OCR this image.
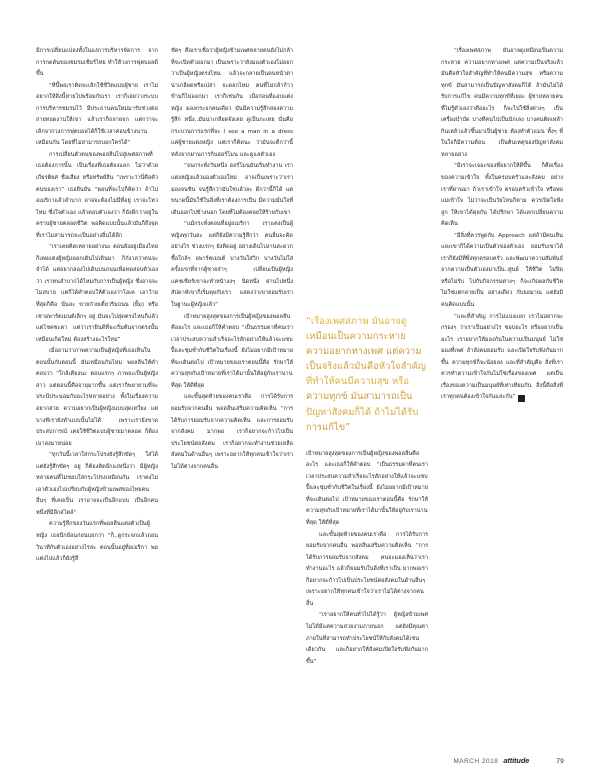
มีการเปลี่ยนแปลงทั้งในแง่การบริหารจัดการ จากการกดดันของชมรมเชียร์ไทย ทำให้วงการฟุตบอลดีขึ้น

“ทีนี้พอเราคิดจะเลิกใช้ชีวิตแบบผู้ชาย เราไม่อยากให้สิ่งนี้หายไปพร้อมกับเรา เราก็เลยวางระบบการบริหารชมรมไว้ มีประธานคนใหม่มารับช่วงต่อ ถ่ายทอดงานให้เขา แล้วเราก็ถลายจก แต่กว่าจะเลิกจากวงการฟุตบอลได้ก็ใช้เวลาค่อนข้างนานเหมือนกัน โดยที่ไม่สามารถบอกใครได้”

การเปลี่ยนตัวตนของพอลลีนไปสู่เพศสภาพที่เธอต้องการนั้น เป็นเรื่องที่เธอต้องแลก ไม่ว่าด้วยเกียรติยศ ชื่อเสียง หรือทรัพย์สิน “เพราะว่านี่คือตัวตนของเรา” เธอยืนยัน “ตอนที่จะไปก็คิดว่า ถ้าไปอเมริกาแล้วลำบาก อาจจะต้องไม่มีที่อยู่ เราจะไหวไหม ซึ่งใจตัวเอง แล้วตอบตัวเองว่า ก็ยังดีกว่าอยู่ในคราบผู้ชายตลอดชีวิต พอคิดแบบนั้นแล้วมันก็ถึงจุดที่เราไม่สามารถจะเป็นอย่างอื่นได้อีก

“เราเคยคิดเหลายอย่างนะ ตอนยังอยู่เมืองไทยก็เคยแต่งผู้หญิงออกเดินไปเดินมา ก็กังวลว่าคนจะจำได้ แต่อยากลองไปเดินบนถนนเพื่อทดสอบตัวเองว่า เราทนลำบากได้ไหมกับการเป็นผู้หญิง ซึ่งอาจจะไม่สบาย แต่ก็ได้คำตอบให้ตัวเองว่าโอเค เอาว้ายที่สุดก็คือ นั่นละ ขายก๋วยเตี๋ยวริมถนน (ยิ้ม) หรือเช่าอพาร์ตเมนต์เล็กๆ อยู่ มันจะไปสุดตรงไหนก็แล้วแต่โชคชะตา แต่ว่าเรายินดีที่จะเริ่มต้นจากตรงนั้น เหมือนเกิดใหม่ ต้องสร้างอะไรใหม่”

เมื่อถามว่าภาพความเป็นผู้หญิงที่เธอเห็นในตอนนั้นกับตอนนี้ มันเหมือนกันไหม พอลลีนให้คำตอบว่า “ใกล้เคียงนะ ตอนแรกๆ ภาพจะเป็นผู้หญิงสาว แต่ตอนนี้คือจายุมากขึ้น แต่เราก็พยายามที่จะประนีประนอมกับอะไรหลายอย่าง ทั้งในเรื่องความอยากสวย ความอยากเป็นผู้หญิงแบบสุดเหวี่ยง แต่บางทีเรายังทำแบบนั้นไม่ได้ เพราะเรายังขาดประสบการณ์ เคยใช้ชีวิตแบบผู้ชายมาตลอด ก็ต้องเบาลงมาหน่อย

“ทุกวันนี้เวลาใส่กระโปรงยังรู้สึกขัดๆ ใส่ได้ แต่ยังรู้สึกขัดๆ อยู่ ก็ต้องคิดอีกแง่หนึ่งว่า มีผู้หญิงหลายคนที่ไม่ชอบใส่กระโปรงเหมือนกัน เราคงไม่เอาตัวเองไปเปรียบกับผู้หญิงข้ามเพศของไทยคนอื่นๆ ที่เคยเป็น เราอาจจะเป็นอีกแบบ เป็นอีกคนหนึ่งที่มีอีกสไตล์”

ความรู้สึกของวันแรกที่พอลลีนแต่งตัวเป็นผู้หญิง เธอนึกย้อนก่อนบอกว่า “ก็..ดูกระจกแล้วถอนวินาทีกับตัวเองอย่างไรล่ะ ตอนนั้นอยู่ที่อเมริกา พอแต่งไปแล้วก็ยังรู้สึ

ชัดๆ คือเราเชื่อว่าผู้หญิงข้ามเพศหลายคนยังไม่กล้าที่จะเปิดตัวออกมา เป็นเพราะว่ายังมองตัวเองไม่ออกว่าเป็นผู้หญิงตรงไหน แล้วจะกลายเป็นคนหน้าตาน่าเกลียดหรือเปล่า จะดอกไหม คนที่ไม่กล้าก้าวข้ามก็ไม่ออกมา เราก็เช่นกัน เมื่อก่อนที่แอบแต่งหญิง มองกระจกคนเดียว มันมีความรู้สึกสองความรู้สึก หนึ่ง..มันน่าเกลียดจังเลย ดูเป็นกะเทย นั่นคือกระบวนการแรกที่จะ I see a man in a dress แค่ผู้ชายแต่งหญิง แต่เราก็คิดนะ ว่ามันจะดีกว่านี้ หลังจากผ่านการกินฮอร์โมน และดูแลตัวเอง

“จนกระทั่งวันหนึ่ง ฮอร์โมนมันเริ่มทำงาน เราแต่งหญิงแล้วมองตัวเองใหม่ อาจเป็นเพราะว่าเรามองจนชิน จนรู้สึกว่ามันใช่แล้วละ ดีกว่านี้ก็ได้ แต่ขนาดนี้มันใช้ในสิ่งที่เราต้องการเป็น มีความมั่นใจที่เดินออกไปข้างนอก โดยที่ไม่ต้องคอยให้ร้ายกับเขา

“แม้กระทั่งตอนที่อยู่อเมริกา เราแต่งเป็นผู้หญิงทุกวันละ แต่ก็ยังมีความรู้สึกว่า คนอื่นจะคิดอย่างไร ช่วงแรกๆ ยังคิดอยู่ อย่างเดินไปงานสะดวกซื้อใกล้ๆ อพาร์ตเมนต์ บางวันใส่วิก บางวันไม่ใส่ ครั้งแรกที่จากผู้ชายจ๋าๆ เปลี่ยนเป็นผู้หญิง แคชเชียร์เขาจะทำหน้างงๆ นิดหนึ่ง ผ่านไปหนึ่งสัปดาห์เขาก็เริ่มคุยกับเรา แสดงว่าเขายอมรับเราในฐานะผู้หญิงแล้ว”

เป้าหมายสูงสุดของการเป็นผู้หญิงของพอลลีนคืออะไร และเธอก็ให้คำตอบ “เป็นธรรมดาที่คนเราเวลาประสบความสำเร็จอะไรสักอย่างให้แล้วจะแซบปี้และชุ่มช่ำกับชีวิตในเรื่องนี้ ยังไม่อยากมีเป้าหมายที่จะเดินต่อไป เป้าหมายของเราตอนนี้คือ รักษาให้ความสุขกับเป้าหมายที่เราได้มานั้นให้อยู่กับเรานานที่สุด ให้ดีที่สุด

และขั้นสุดท้ายของคนเราคือ การได้รับการยอมรับจากคนอื่น พอลลีนเสริมความคิดเห็น “การได้รับการยอมรับจากความคิดเห็น และการยอมรับจากสังคม มากพอ เราก็อยากจะก้าวไปเป็นประโยชน์ต่อสังคม เราก็อยากจะทำงานช่วยเหลือสังคมในด้านอื่นๆ เพราะอยากให้ทุกคนเข้าใจว่าเราไม่ได้ต่างจากคนอื่น

“เรื่องเพศสภาพ มันอาจดูเหมือนเป็นความกระหาย ความอยากทางเพศ แต่ความเป็นจริงแล้วมันคือหัวใจสำคัญที่ทำให้คนมีความสุข หรือความทุกข์ มันสามารถเป็นปัญหาสังคมก็ได้ ถ้าไม่ได้รับการแก้ไข”

เป้าหมายสูงสุดของการเป็นผู้หญิงของพอลลีนคืออะไร และเธอก็ให้คำตอบ “เป็นธรรมดาที่คนเราเวลาประสบความสำเร็จอะไรสักอย่างให้แล้วจะแซบปี้และชุ่มช่ำกับชีวิตในเรื่องนี้ ยังไม่อยากมีเป้าหมายที่จะเดินต่อไป เป้าหมายของเราตอนนี้คือ รักษาให้ความสุขกับเป้าหมายที่เราได้มานั้นให้อยู่กับเรานานที่สุด ให้ดีที่สุด

และขั้นสุดท้ายของคนเราคือ การได้รับการยอมรับจากคนอื่น พอลลีนเสริมความคิดเห็น “การได้รับการยอมรับจากสังคม คนจะมองเห็นว่าเราทำงานอะไร แล้วก็ยอมรับในสิ่งที่เราเป็น มากพอเราก็อยากจะก้าวไปเป็นประโยชน์ต่อสังคมในด้านอื่นๆ เพราะอยากให้ทุกคนเข้าใจว่าเราไม่ได้ต่างจากคนอื่น

“เราอยากให้คนทั่วไปได้รู้ว่า ผู้หญิงข้ามเพศไม่ได้มีแค่ความสวยงามภายนอก แต่ยังมีคุณค่าภายในที่สามารถทำประโยชน์ให้กับสังคมได้เช่นเดียวกัน และก็อยากให้สังคมเปิดใจรับฟังกันมากขึ้น”

“เรื่องเพศสภาพ มันอาจดูเหมือนเป็นความกระหาย ความอยากทางเพศ แต่ความเป็นจริงแล้วมันคือหัวใจสำคัญที่ทำให้คนมีความสุข หรือความทุกข์ มันสามารถเป็นปัญหาสังคมก็ได้ ถ้ามันไม่ได้รับการแก้ไข คนมีความทุกข์ที่เยอะ ผู้ชายหลายคนที่ไม่รู้ตัวเองว่าคืออะไร ก็จะไปใช้สิ่งต่างๆ เป็นเครื่องบำบัด บางทีคนไปเป็นนักเลง บางคนติดเหล้า กินเหล้าแล้วขึ้นมาเป็นผู้ชาย ต้องทำตัวแมน ทั้งๆ ที่ในใจก็มีความต้อน เป็นต้นเหตุของปัญหาสังคมหลายอย่าง

“มีเราจะเจอะของที่อยากให้ดีขึ้น ก็คือเรื่องของความเข้าใจ ทั้งในครอบครัวและสังคม อย่างเราที่ผ่านมา ถ้าเราเข้าใจ ครอบครัวเข้าใจ หรือพ่อแม่เข้าใจ ไม่ว่าจะเป็นวัยไหนก็ตาม ควรเปิดใจฟังลูก ให้เขาได้คุยกัน ได้ปรึกษา ได้แลกเปลี่ยนความคิดเห็น

“มีสิ่งที่ควรพูดกับ Approach แต่ถ้ามีคนเห็น และเขาก็ได้ความเป็นตัวของตัวเอง ยอมรับเขาได้ เราก็ยังมีที่พึ่งทุกครอบครัว และพัฒนาความสัมพันธ์จากความเป็นตัวเองมาเป็น..ศูนย์ ให้ชีวิต ไม่ปิดหรือไม่รับ ไปกับกิจกรรมต่างๆ ก็จะเกิดผลกับชีวิต ไม่ใช่แต่กลายเป็น อย่างเดียว กับยอมาณ แต่ยังมีคนคิดแบบนั้น

“และที่สำคัญ การไม่แบ่งแยก เราไม่อยากจะกรองๆ ว่าเราเป็นอย่างไร ชอบอะไร หรืออยากเป็นอะไร เราอยากให้มองกันในความเป็นมนุษย์ ไม่ใช่มองที่เพศ ถ้าสังคมยอมรับ และเปิดใจรับฟังกันมากขึ้น ความทุกข์ก็จะน้อยลง และที่สำคัญคือ สิ่งที่เราควรทำความเข้าใจกันไม่ใช่เรื่องของเพศ แต่เป็นเรื่องของความเป็นมนุษย์ที่เท่าเทียมกัน สิ่งนี้คือสิ่งที่เราทุกคนต้องเข้าใจกันและกัน”	a

MARCH 2018 attitude	79
